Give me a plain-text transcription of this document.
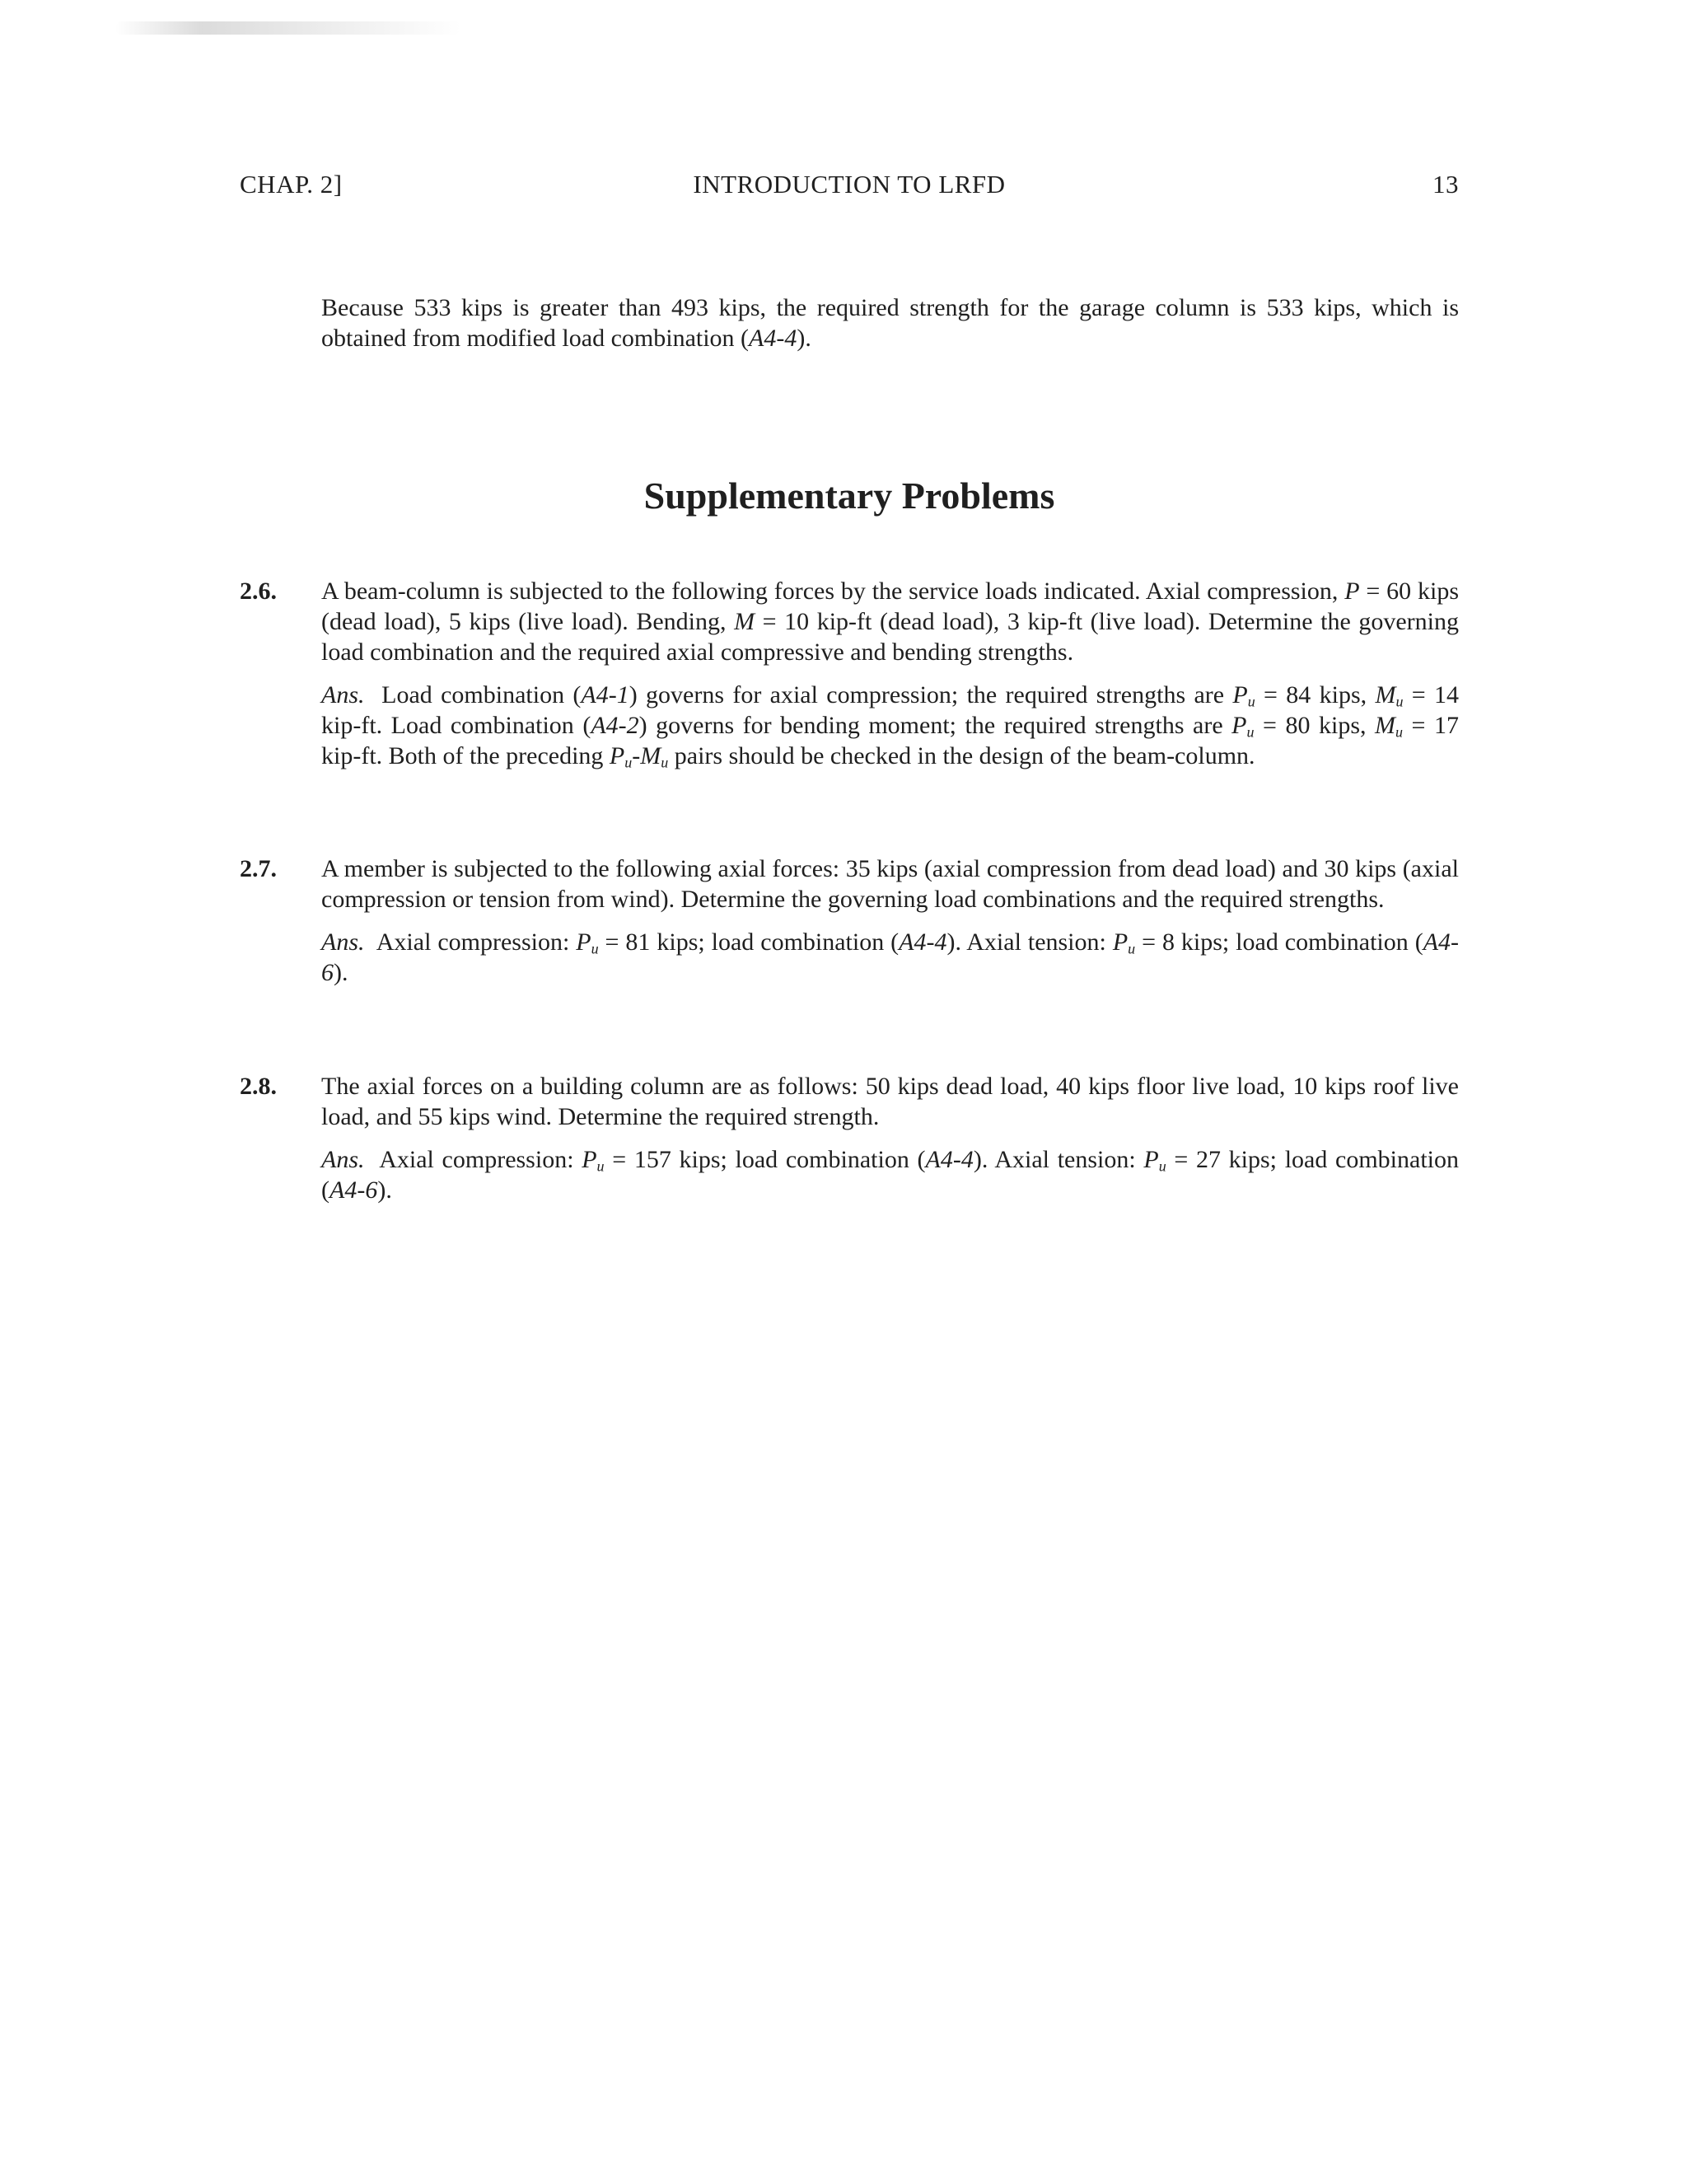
CHAP. 2]	INTRODUCTION TO LRFD	13

Because 533 kips is greater than 493 kips, the required strength for the garage column is 533 kips, which is obtained from modified load combination (A4-4).

Supplementary Problems
2.6. A beam-column is subjected to the following forces by the service loads indicated. Axial compression, P = 60 kips (dead load), 5 kips (live load). Bending, M = 10 kip-ft (dead load), 3 kip-ft (live load). Determine the governing load combination and the required axial compressive and bending strengths.

Ans. Load combination (A4-1) governs for axial compression; the required strengths are $P_u = 84$ kips, $M_u = 14$ kip-ft. Load combination (A4-2) governs for bending moment; the required strengths are $P_u = 80$ kips, $M_u = 17$ kip-ft. Both of the preceding $P_u-M_u$ pairs should be checked in the design of the beam-column.

2.7. A member is subjected to the following axial forces: 35 kips (axial compression from dead load) and 30 kips (axial compression or tension from wind). Determine the governing load combinations and the required strengths.

Ans. Axial compression: $P_u = 81$ kips; load combination (A4-4). Axial tension: $P_u = 8$ kips; load combination (A4-6).

2.8. The axial forces on a building column are as follows: 50 kips dead load, 40 kips floor live load, 10 kips roof live load, and 55 kips wind. Determine the required strength.

Ans. Axial compression: $P_u = 157$ kips; load combination (A4-4). Axial tension: $P_u = 27$ kips; load combination (A4-6).
